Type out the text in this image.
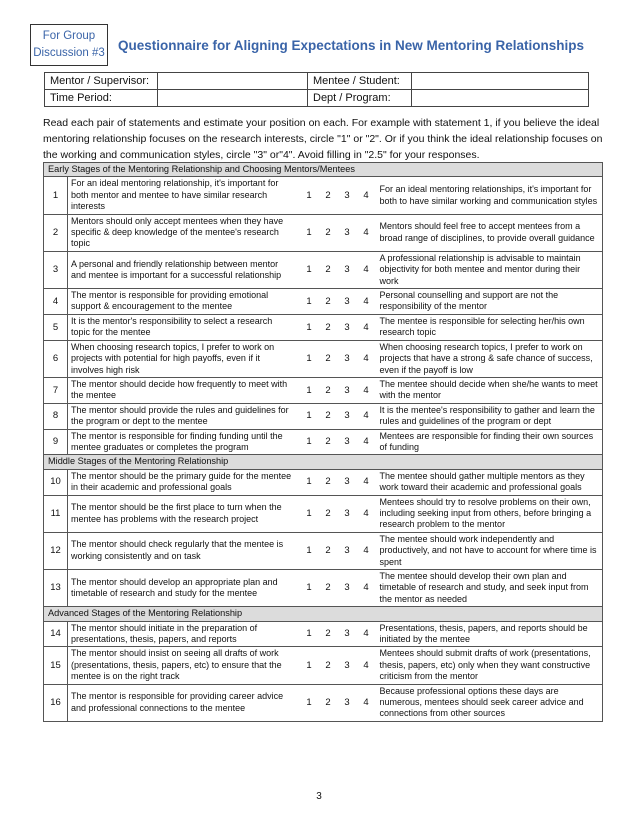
For Group
Discussion #3 Questionnaire for Aligning Expectations in New Mentoring Relationships
Mentor / Supervisor:		Mentee / Student:	
Time Period:		Dept / Program:	
Read each pair of statements and estimate your position on each. For example with statement 1, if you believe the ideal mentoring relationship focuses on the research interests, circle "1" or "2". Or if you think the ideal relationship focuses on the working and communication styles, circle "3" or"4". Avoid filling in "2.5" for your responses.
Early Stages of the Mentoring Relationship and Choosing Mentors/Mentees			
1	For an ideal mentoring relationship, it's important for both mentor and mentee to have similar research interests	1 2 3 4	For an ideal mentoring relationships, it's important for both to have similar working and communication styles
2	Mentors should only accept mentees when they have specific & deep knowledge of the mentee's research topic	1 2 3 4	Mentors should feel free to accept mentees from a broad range of disciplines, to provide overall guidance
3	A personal and friendly relationship between mentor and mentee is important for a successful relationship	1 2 3 4	A professional relationship is advisable to maintain objectivity for both mentee and mentor during their work
4	The mentor is responsible for providing emotional support & encouragement to the mentee	1 2 3 4	Personal counselling and support are not the responsibility of the mentor
5	It is the mentor's responsibility to select a research topic for the mentee	1 2 3 4	The mentee is responsible for selecting her/his own research topic
6	When choosing research topics, I prefer to work on projects with potential for high payoffs, even if it involves high risk	1 2 3 4	When choosing research topics, I prefer to work on projects that have a strong & safe chance of success, even if the payoff is low
7	The mentor should decide how frequently to meet with the mentee	1 2 3 4	The mentee should decide when she/he wants to meet with the mentor
8	The mentor should provide the rules and guidelines for the program or dept to the mentee	1 2 3 4	It is the mentee's responsibility to gather and learn the rules and guidelines of the program or dept
9	The mentor is responsible for finding funding until the mentee graduates or completes the program	1 2 3 4	Mentees are responsible for finding their own sources of funding
Middle Stages of the Mentoring Relationship			
10	The mentor should be the primary guide for the mentee in their academic and professional goals	1 2 3 4	The mentee should gather multiple mentors as they work toward their academic and professional goals
11	The mentor should be the first place to turn when the mentee has problems with the research project	1 2 3 4	Mentees should try to resolve problems on their own, including seeking input from others, before bringing a research problem to the mentor
12	The mentor should check regularly that the mentee is working consistently and on task	1 2 3 4	The mentee should work independently and productively, and not have to account for where time is spent
13	The mentor should develop an appropriate plan and timetable of research and study for the mentee	1 2 3 4	The mentee should develop their own plan and timetable of research and study, and seek input from the mentor as needed
Advanced Stages of the Mentoring Relationship			
14	The mentor should initiate in the preparation of presentations, thesis, papers, and reports	1 2 3 4	Presentations, thesis, papers, and reports should be initiated by the mentee
15	The mentor should insist on seeing all drafts of work (presentations, thesis, papers, etc) to ensure that the mentee is on the right track	1 2 3 4	Mentees should submit drafts of work (presentations, thesis, papers, etc) only when they want constructive criticism from the mentor
16	The mentor is responsible for providing career advice and professional connections to the mentee	1 2 3 4	Because professional options these days are numerous, mentees should seek career advice and connections from other sources
3
